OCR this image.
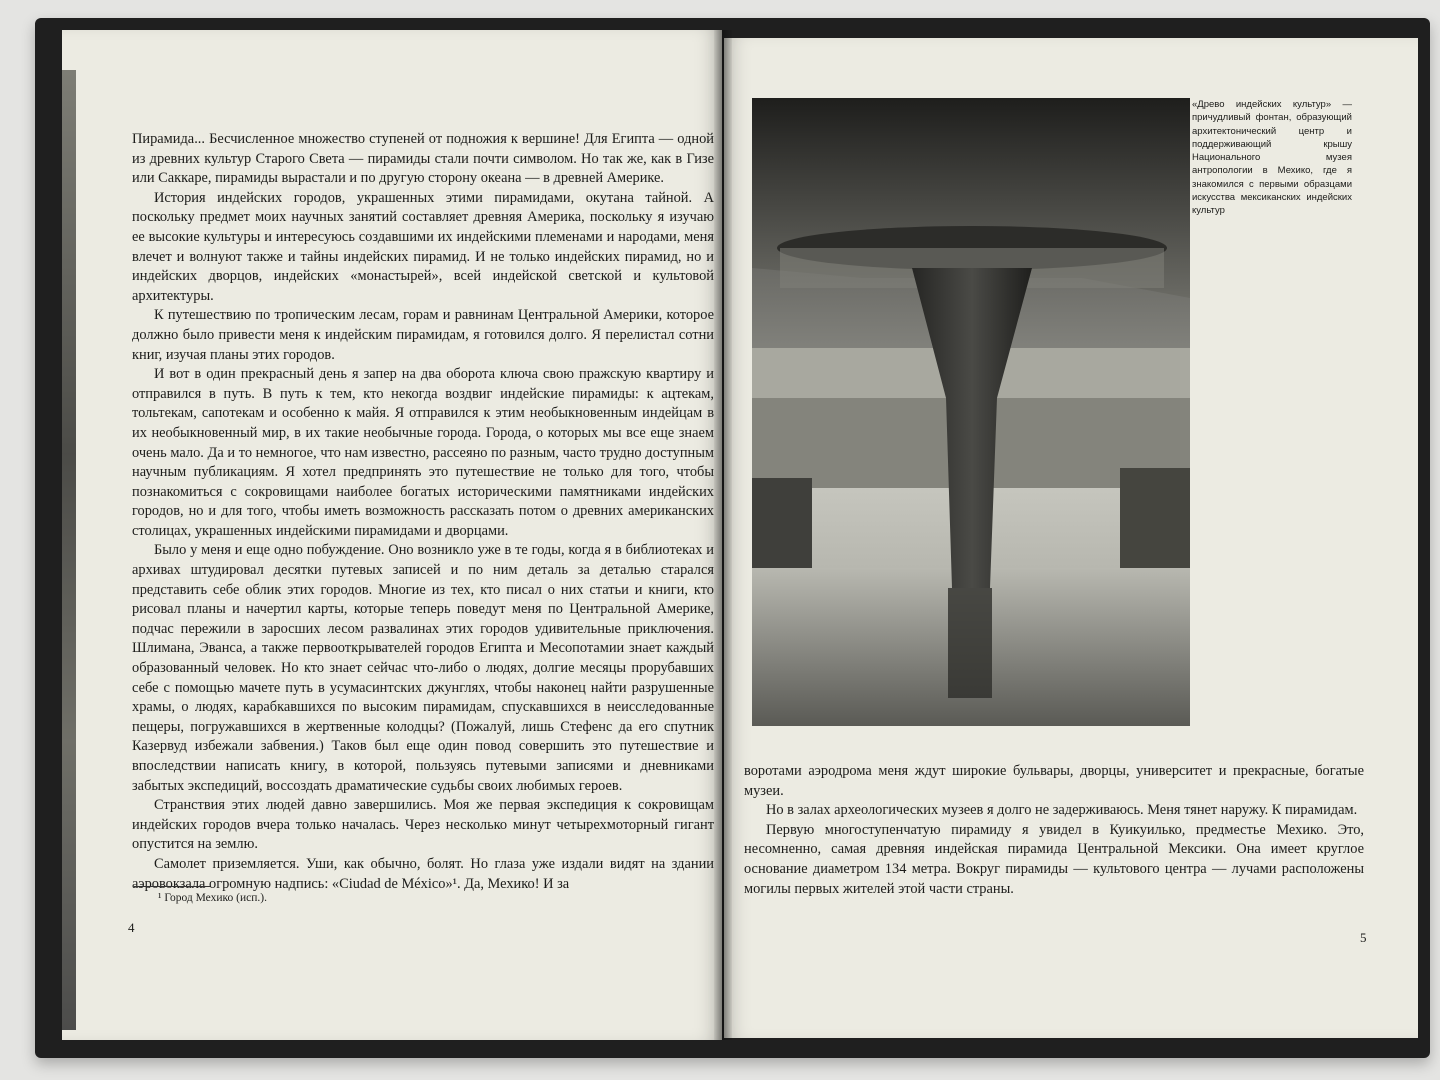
Пирамида... Бесчисленное множество ступеней от подножия к вершине! Для Египта — одной из древних культур Старого Света — пирамиды стали почти символом. Но так же, как в Гизе или Саккаре, пирамиды вырастали и по другую сторону океана — в древней Америке.

История индейских городов, украшенных этими пирамидами, окутана тайной. А поскольку предмет моих научных занятий составляет древняя Америка, поскольку я изучаю ее высокие культуры и интересуюсь создавшими их индейскими племенами и народами, меня влечет и волнуют также и тайны индейских пирамид. И не только индейских пирамид, но и индейских дворцов, индейских «монастырей», всей индейской светской и культовой архитектуры.

К путешествию по тропическим лесам, горам и равнинам Центральной Америки, которое должно было привести меня к индейским пирамидам, я готовился долго. Я перелистал сотни книг, изучая планы этих городов.

И вот в один прекрасный день я запер на два оборота ключа свою пражскую квартиру и отправился в путь. В путь к тем, кто некогда воздвиг индейские пирамиды: к ацтекам, тольтекам, сапотекам и особенно к майя. Я отправился к этим необыкновенным индейцам в их необыкновенный мир, в их такие необычные города. Города, о которых мы все еще знаем очень мало. Да и то немногое, что нам известно, рассеяно по разным, часто трудно доступным научным публикациям. Я хотел предпринять это путешествие не только для того, чтобы познакомиться с сокровищами наиболее богатых историческими памятниками индейских городов, но и для того, чтобы иметь возможность рассказать потом о древних американских столицах, украшенных индейскими пирамидами и дворцами.

Было у меня и еще одно побуждение. Оно возникло уже в те годы, когда я в библиотеках и архивах штудировал десятки путевых записей и по ним деталь за деталью старался представить себе облик этих городов. Многие из тех, кто писал о них статьи и книги, кто рисовал планы и начертил карты, которые теперь поведут меня по Центральной Америке, подчас пережили в заросших лесом развалинах этих городов удивительные приключения. Шлимана, Эванса, а также первооткрывателей городов Египта и Месопотамии знает каждый образованный человек. Но кто знает сейчас что-либо о людях, долгие месяцы прорубавших себе с помощью мачете путь в усумасинтских джунглях, чтобы наконец найти разрушенные храмы, о людях, карабкавшихся по высоким пирамидам, спускавшихся в неисследованные пещеры, погружавшихся в жертвенные колодцы? (Пожалуй, лишь Стефенс да его спутник Казервуд избежали забвения.) Таков был еще один повод совершить это путешествие и впоследствии написать книгу, в которой, пользуясь путевыми записями и дневниками забытых экспедиций, воссоздать драматические судьбы своих любимых героев.

Странствия этих людей давно завершились. Моя же первая экспедиция к сокровищам индейских городов вчера только началась. Через несколько минут четырехмоторный гигант опустится на землю.

Самолет приземляется. Уши, как обычно, болят. Но глаза уже издали видят на здании аэровокзала огромную надпись: «Ciudad de México»¹. Да, Мехико! И за

¹ Город Мехико (исп.).
4
«Древо индейских культур» — причудливый фонтан, образующий архитектонический центр и поддерживающий крышу Национального музея антропологии в Мехико, где я знакомился с первыми образцами искусства мексиканских индейских культур

воротами аэродрома меня ждут широкие бульвары, дворцы, университет и прекрасные, богатые музеи.

Но в залах археологических музеев я долго не задерживаюсь. Меня тянет наружу. К пирамидам.

Первую многоступенчатую пирамиду я увидел в Куикуилько, предместье Мехико. Это, несомненно, самая древняя индейская пирамида Центральной Мексики. Она имеет круглое основание диаметром 134 метра. Вокруг пирамиды — культового центра — лучами расположены могилы первых жителей этой части страны.

5
